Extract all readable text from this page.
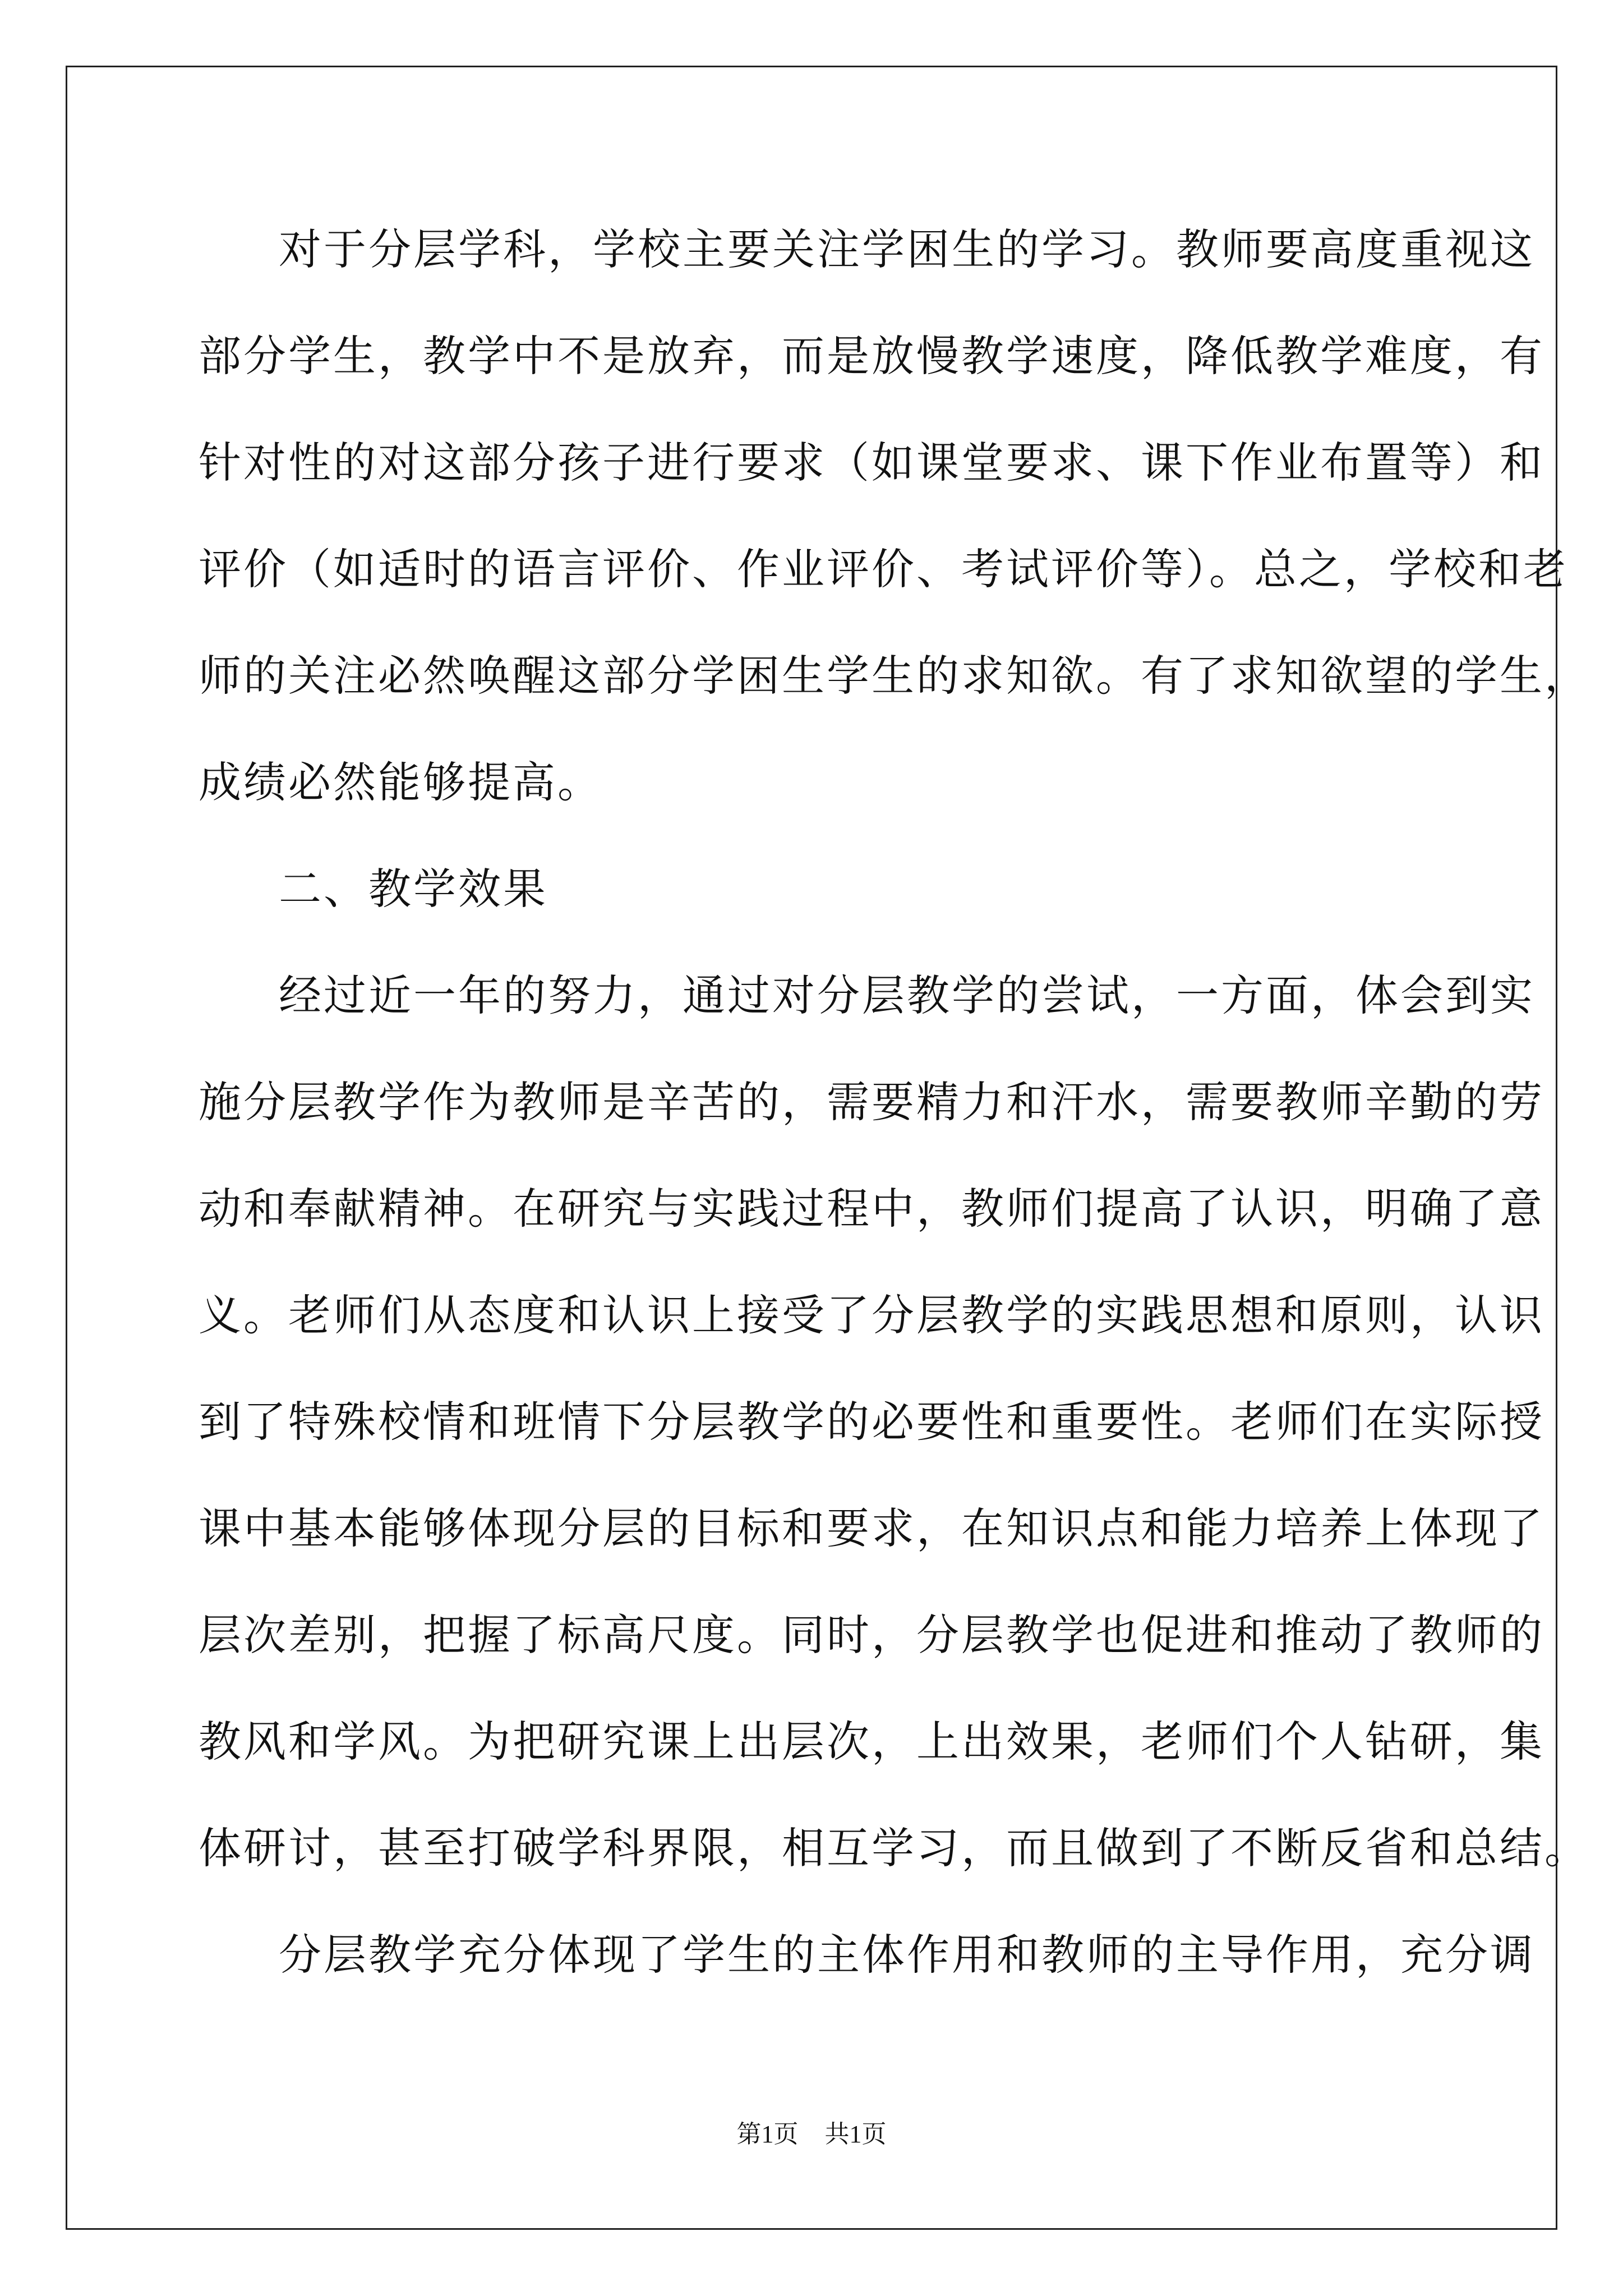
对于分层学科，学校主要关注学困生的学习。教师要高度重视这
部分学生，教学中不是放弃，而是放慢教学速度，降低教学难度，有
针对性的对这部分孩子进行要求（如课堂要求、课下作业布置等）和
评价（如适时的语言评价、作业评价、考试评价等）。总之，学校和老
师的关注必然唤醒这部分学困生学生的求知欲。有了求知欲望的学生，
成绩必然能够提高。
二、教学效果
经过近一年的努力，通过对分层教学的尝试，一方面，体会到实
施分层教学作为教师是辛苦的，需要精力和汗水，需要教师辛勤的劳
动和奉献精神。在研究与实践过程中，教师们提高了认识，明确了意
义。老师们从态度和认识上接受了分层教学的实践思想和原则，认识
到了特殊校情和班情下分层教学的必要性和重要性。老师们在实际授
课中基本能够体现分层的目标和要求，在知识点和能力培养上体现了
层次差别，把握了标高尺度。同时，分层教学也促进和推动了教师的
教风和学风。为把研究课上出层次，上出效果，老师们个人钻研，集
体研讨，甚至打破学科界限，相互学习，而且做到了不断反省和总结。
分层教学充分体现了学生的主体作用和教师的主导作用，充分调
第1页 共1页
